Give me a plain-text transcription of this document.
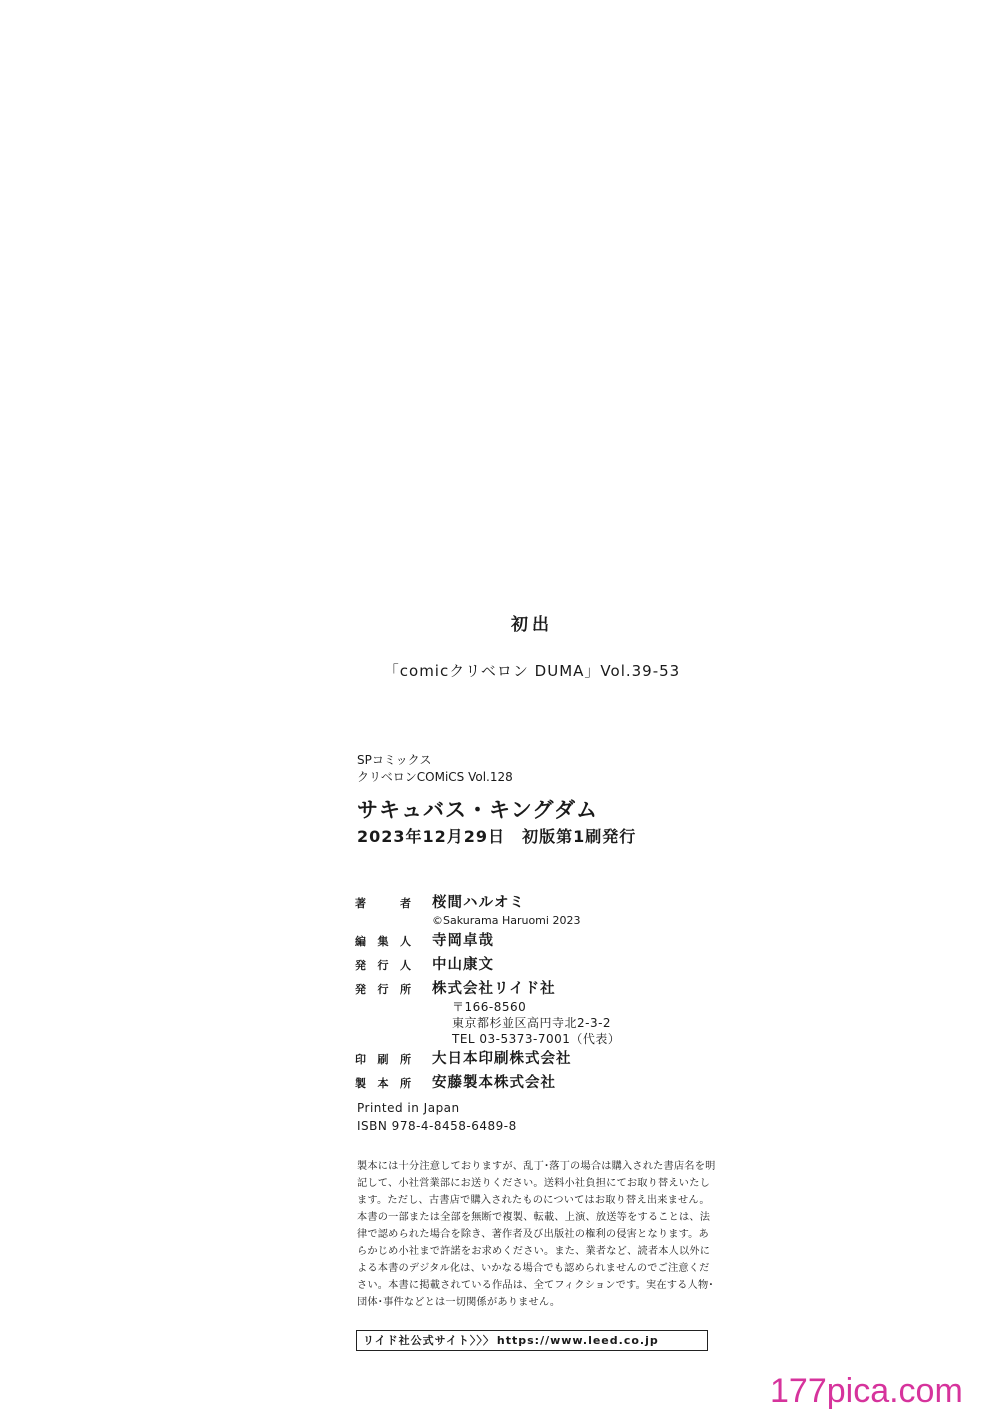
初出
「comicクリベロン DUMA」Vol.39-53
SPコミックス
クリベロンCOMiCS Vol.128
サキュバス・キングダム
2023年12月29日　初版第1刷発行
著	者 桜間ハルオミ
©Sakurama Haruomi 2023
編 集 人 寺岡卓哉
発 行 人 中山康文
発 行 所 株式会社リイド社
〒166-8560
東京都杉並区高円寺北2-3-2
TEL 03-5373-7001（代表）
印 刷 所 大日本印刷株式会社
製 本 所 安藤製本株式会社
Printed in Japan
ISBN 978-4-8458-6489-8
製本には十分注意しておりますが、乱丁･落丁の場合は購入された書店名を明記して、小社営業部にお送りください。送料小社負担にてお取り替えいたします。ただし、古書店で購入されたものについてはお取り替え出来ません。本書の一部または全部を無断で複製、転載、上演、放送等をすることは、法律で認められた場合を除き、著作者及び出版社の権利の侵害となります。あらかじめ小社まで許諾をお求めください。また、業者など、読者本人以外による本書のデジタル化は、いかなる場合でも認められませんのでご注意ください。本書に掲載されている作品は、全てフィクションです。実在する人物･団体･事件などとは一切関係がありません。
リイド社公式サイト〉〉〉 https://www.leed.co.jp
177pica.com
